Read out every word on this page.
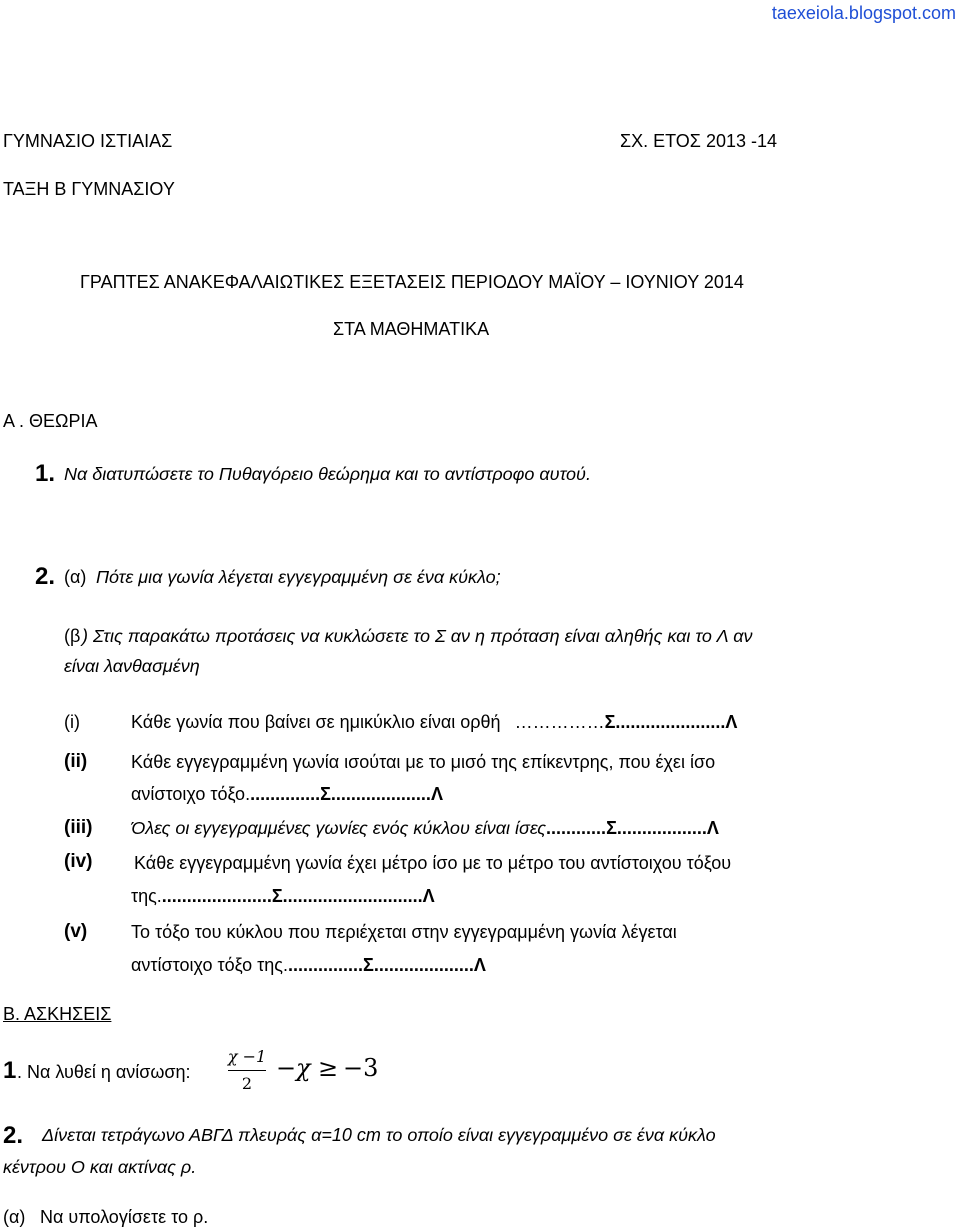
taexeiola.blogspot.com
ΓΥΜΝΑΣΙΟ ΙΣΤΙΑΙΑΣ	ΣΧ. ΕΤΟΣ 2013 -14
ΤΑΞΗ Β ΓΥΜΝΑΣΙΟΥ
ΓΡΑΠΤΕΣ ΑΝΑΚΕΦΑΛΑΙΩΤΙΚΕΣ ΕΞΕΤΑΣΕΙΣ ΠΕΡΙΟΔΟΥ ΜΑΪΟΥ – ΙΟΥΝΙΟΥ 2014
ΣΤΑ ΜΑΘΗΜΑΤΙΚΑ
Α . ΘΕΩΡΙΑ
1. Να διατυπώσετε το Πυθαγόρειο θεώρημα και το αντίστροφο αυτού.
2. (α) Πότε μια γωνία λέγεται εγγεγραμμένη σε ένα κύκλο;
(β ) Στις παρακάτω προτάσεις να κυκλώσετε το Σ αν η πρόταση είναι αληθής και το Λ αν
είναι λανθασμένη
(i)	Κάθε γωνία που βαίνει σε ημικύκλιο είναι ορθή ……………Σ......................Λ
(ii) Κάθε εγγεγραμμένη γωνία ισούται με το μισό της επίκεντρης, που έχει ίσο
ανίστοιχο τόξο...............Σ....................Λ
(iii) Όλες οι εγγεγραμμένες γωνίες ενός κύκλου είναι ίσες............Σ..................Λ
(iv) Κάθε εγγεγραμμένη γωνία έχει μέτρο ίσο με το μέτρο του αντίστοιχου τόξου
της.......................Σ............................Λ
(v) Το τόξο του κύκλου που περιέχεται στην εγγεγραμμένη γωνία λέγεται
αντίστοιχο τόξο της................Σ....................Λ
Β. ΑΣΚΗΣΕΙΣ
1 . Να λυθεί η ανίσωση:
χ −1
2
− χ ≥ −3
2. Δίνεται τετράγωνο ΑΒΓΔ πλευράς α=10 cm το οποίο είναι εγγεγραμμένο σε ένα κύκλο
κέντρου Ο και ακτίνας ρ.
(α) Να υπολογίσετε το ρ.
